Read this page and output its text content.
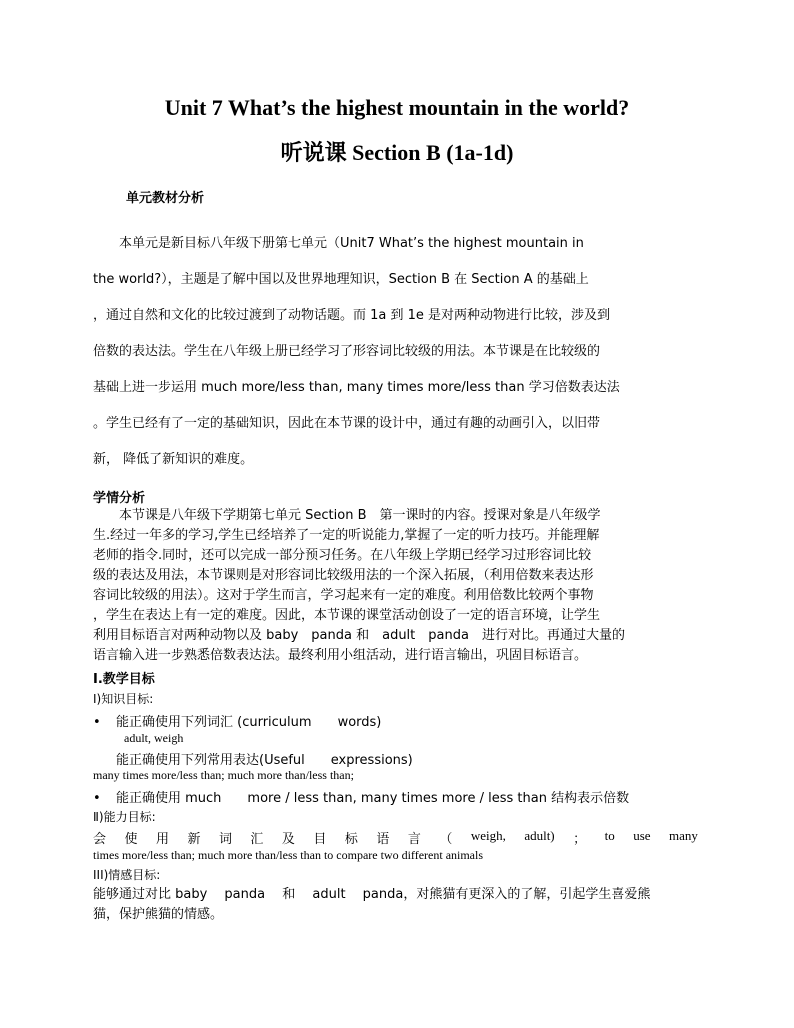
Unit 7 What’s the highest mountain in the world?
听说课 Section B (1a-1d)
单元教材分析
　　本单元是新目标八年级下册第七单元（Unit7 What’s the highest mountain in
the world?），主题是了解中国以及世界地理知识，Section B 在 Section A 的基础上
，通过自然和文化的比较过渡到了动物话题。而 1a 到 1e 是对两种动物进行比较，涉及到
倍数的表达法。学生在八年级上册已经学习了形容词比较级的用法。本节课是在比较级的
基础上进一步运用 much more/less than, many times more/less than 学习倍数表达法
。学生已经有了一定的基础知识，因此在本节课的设计中，通过有趣的动画引入，以旧带
新， 降低了新知识的难度。
学情分析
　　本节课是八年级下学期第七单元 Section B　第一课时的内容。授课对象是八年级学
生.经过一年多的学习,学生已经培养了一定的听说能力,掌握了一定的听力技巧。并能理解
老师的指令.同时，还可以完成一部分预习任务。在八年级上学期已经学习过形容词比较
级的表达及用法，本节课则是对形容词比较级用法的一个深入拓展，（利用倍数来表达形
容词比较级的用法）。这对于学生而言，学习起来有一定的难度。利用倍数比较两个事物
，学生在表达上有一定的难度。因此，本节课的课堂活动创设了一定的语言环境，让学生
利用目标语言对两种动物以及 baby　panda 和　adult　panda　进行对比。再通过大量的
语言输入进一步熟悉倍数表达法。最终利用小组活动，进行语言输出，巩固目标语言。
Ⅰ.教学目标
Ⅰ)知识目标:
• 能正确使用下列词汇 (curriculum　　words)
adult, weigh
能正确使用下列常用表达(Useful　　expressions)
many times more/less than; much more than/less than;
• 能正确使用 much　　more / less than, many times more / less than 结构表示倍数
Ⅱ)能力目标:
会 使 用 新 词 汇 及 目 标 语 言 （ weigh, adult) ； to use many
times more/less than; much more than/less than to compare two different animals
III)情感目标:
能够通过对比 baby　 panda　 和　 adult　 panda，对熊猫有更深入的了解，引起学生喜爱熊
猫，保护熊猫的情感。
